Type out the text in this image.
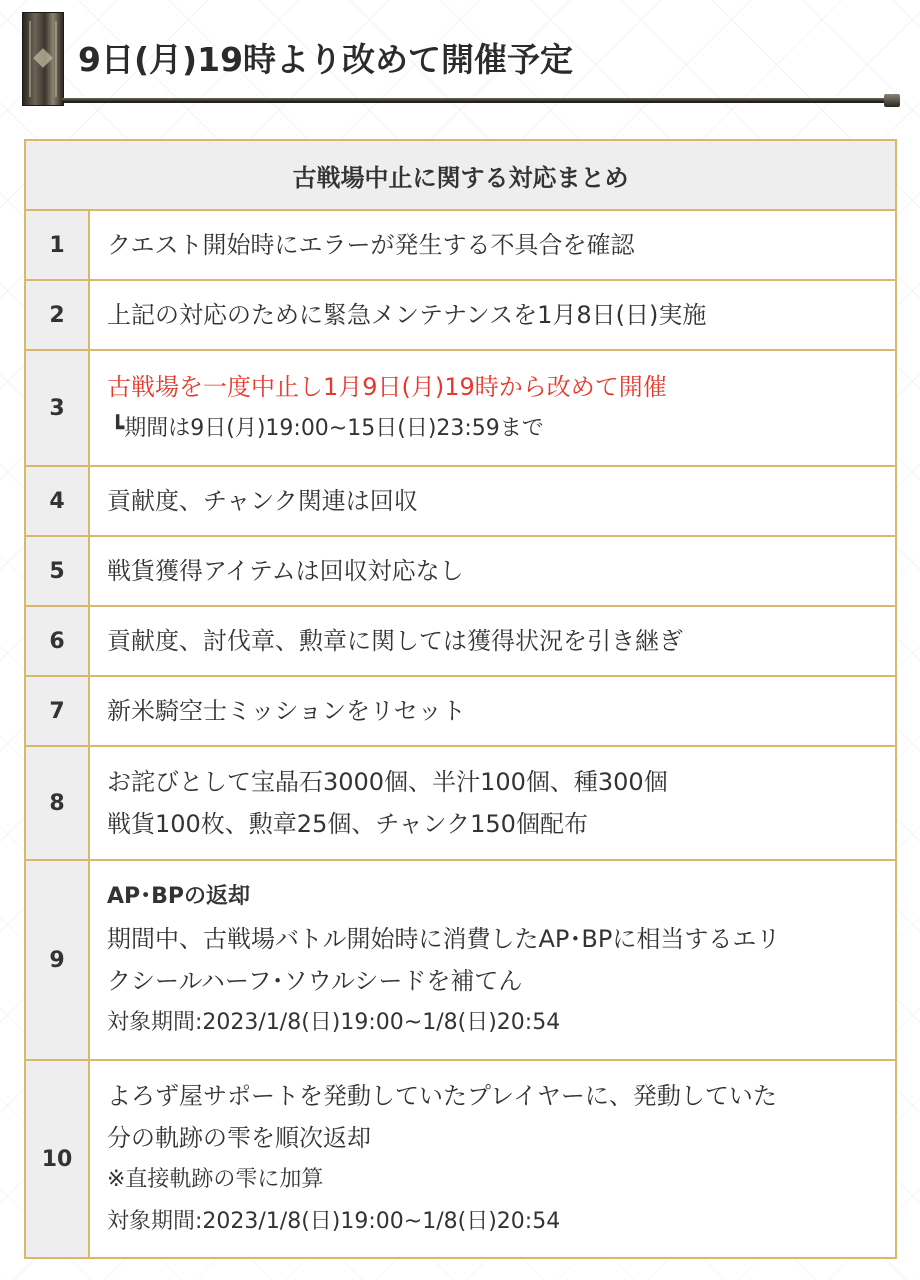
9日(月)19時より改めて開催予定
古戦場中止に関する対応まとめ	
1	クエスト開始時にエラーが発生する不具合を確認

2	上記の対応のために緊急メンテナンスを1月8日(日)実施

3	古戦場を一度中止し1月9日(月)19時から改めて開催
┗期間は9日(月)19:00~15日(日)23:59まで

4	貢献度、チャンク関連は回収

5	戦貨獲得アイテムは回収対応なし

6	貢献度、討伐章、勲章に関しては獲得状況を引き継ぎ

7	新米騎空士ミッションをリセット

8	お詫びとして宝晶石3000個、半汁100個、種300個
戦貨100枚、勲章25個、チャンク150個配布

9	AP･BPの返却
期間中、古戦場バトル開始時に消費したAP･BPに相当するエリ
クシールハーフ･ソウルシードを補てん
対象期間:2023/1/8(日)19:00~1/8(日)20:54

10	よろず屋サポートを発動していたプレイヤーに、発動していた
分の軌跡の雫を順次返却
※直接軌跡の雫に加算
対象期間:2023/1/8(日)19:00~1/8(日)20:54
